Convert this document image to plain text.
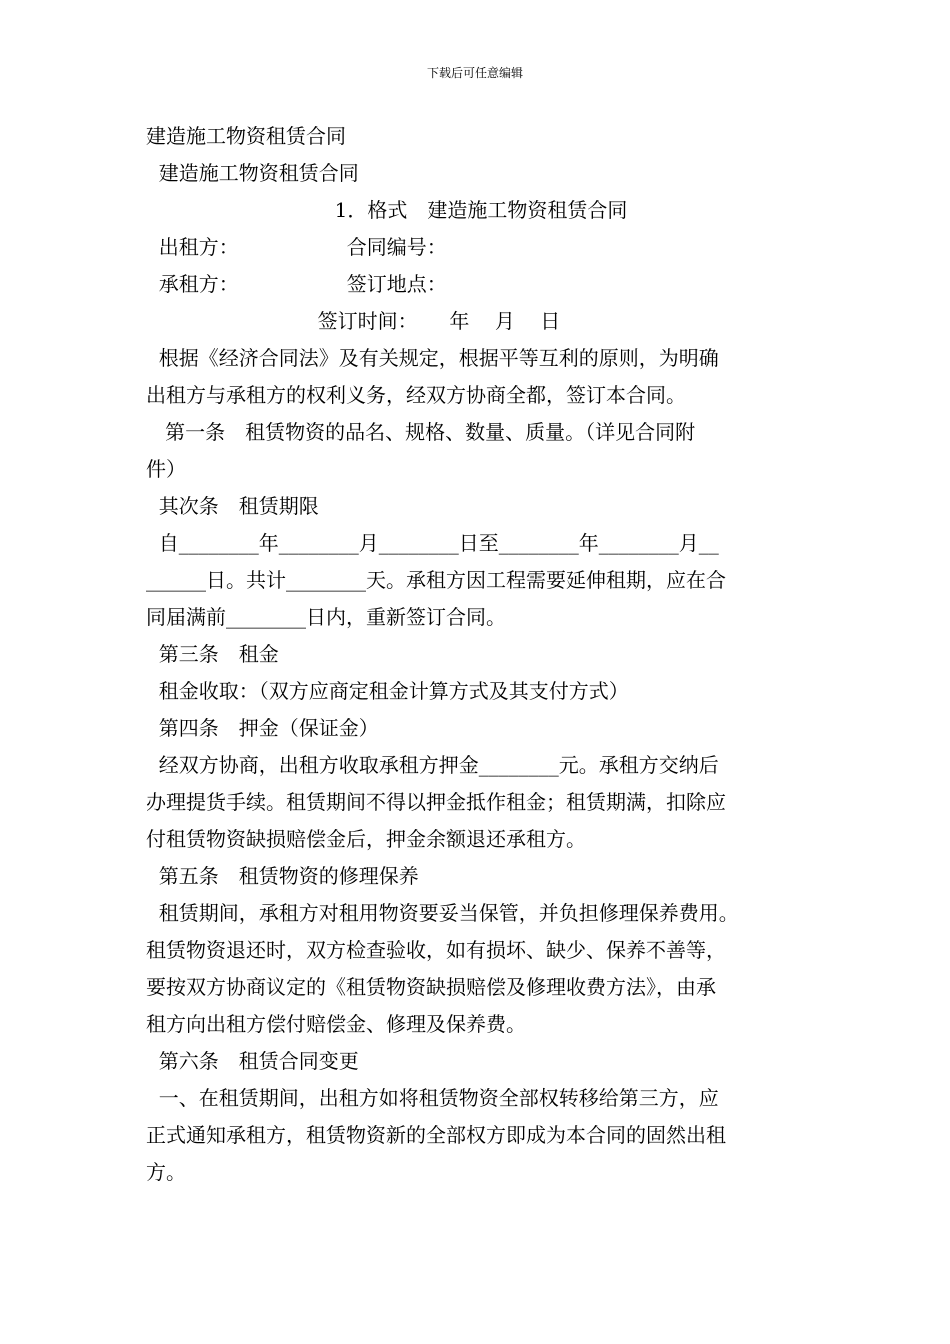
下载后可任意编辑
建造施工物资租赁合同
建造施工物资租赁合同
1．格式　建造施工物资租赁合同
出租方：                 合同编号：
承租方：                 签订地点：
签订时间：     年    月    日
根据《经济合同法》及有关规定，根据平等互利的原则，为明确
出租方与承租方的权利义务，经双方协商全都，签订本合同。
第一条　租赁物资的品名、规格、数量、质量。（详见合同附
件）
其次条　租赁期限
自________年________月________日至________年________月__
______日。共计________天。承租方因工程需要延伸租期，应在合
同届满前________日内，重新签订合同。
第三条　租金
租金收取：（双方应商定租金计算方式及其支付方式）
第四条　押金（保证金）
经双方协商，出租方收取承租方押金________元。承租方交纳后
办理提货手续。租赁期间不得以押金抵作租金；租赁期满，扣除应
付租赁物资缺损赔偿金后，押金余额退还承租方。
第五条　租赁物资的修理保养
租赁期间，承租方对租用物资要妥当保管，并负担修理保养费用。
租赁物资退还时，双方检查验收，如有损坏、缺少、保养不善等，
要按双方协商议定的《租赁物资缺损赔偿及修理收费方法》，由承
租方向出租方偿付赔偿金、修理及保养费。
第六条　租赁合同变更
一、在租赁期间，出租方如将租赁物资全部权转移给第三方，应
正式通知承租方，租赁物资新的全部权方即成为本合同的固然出租
方。
